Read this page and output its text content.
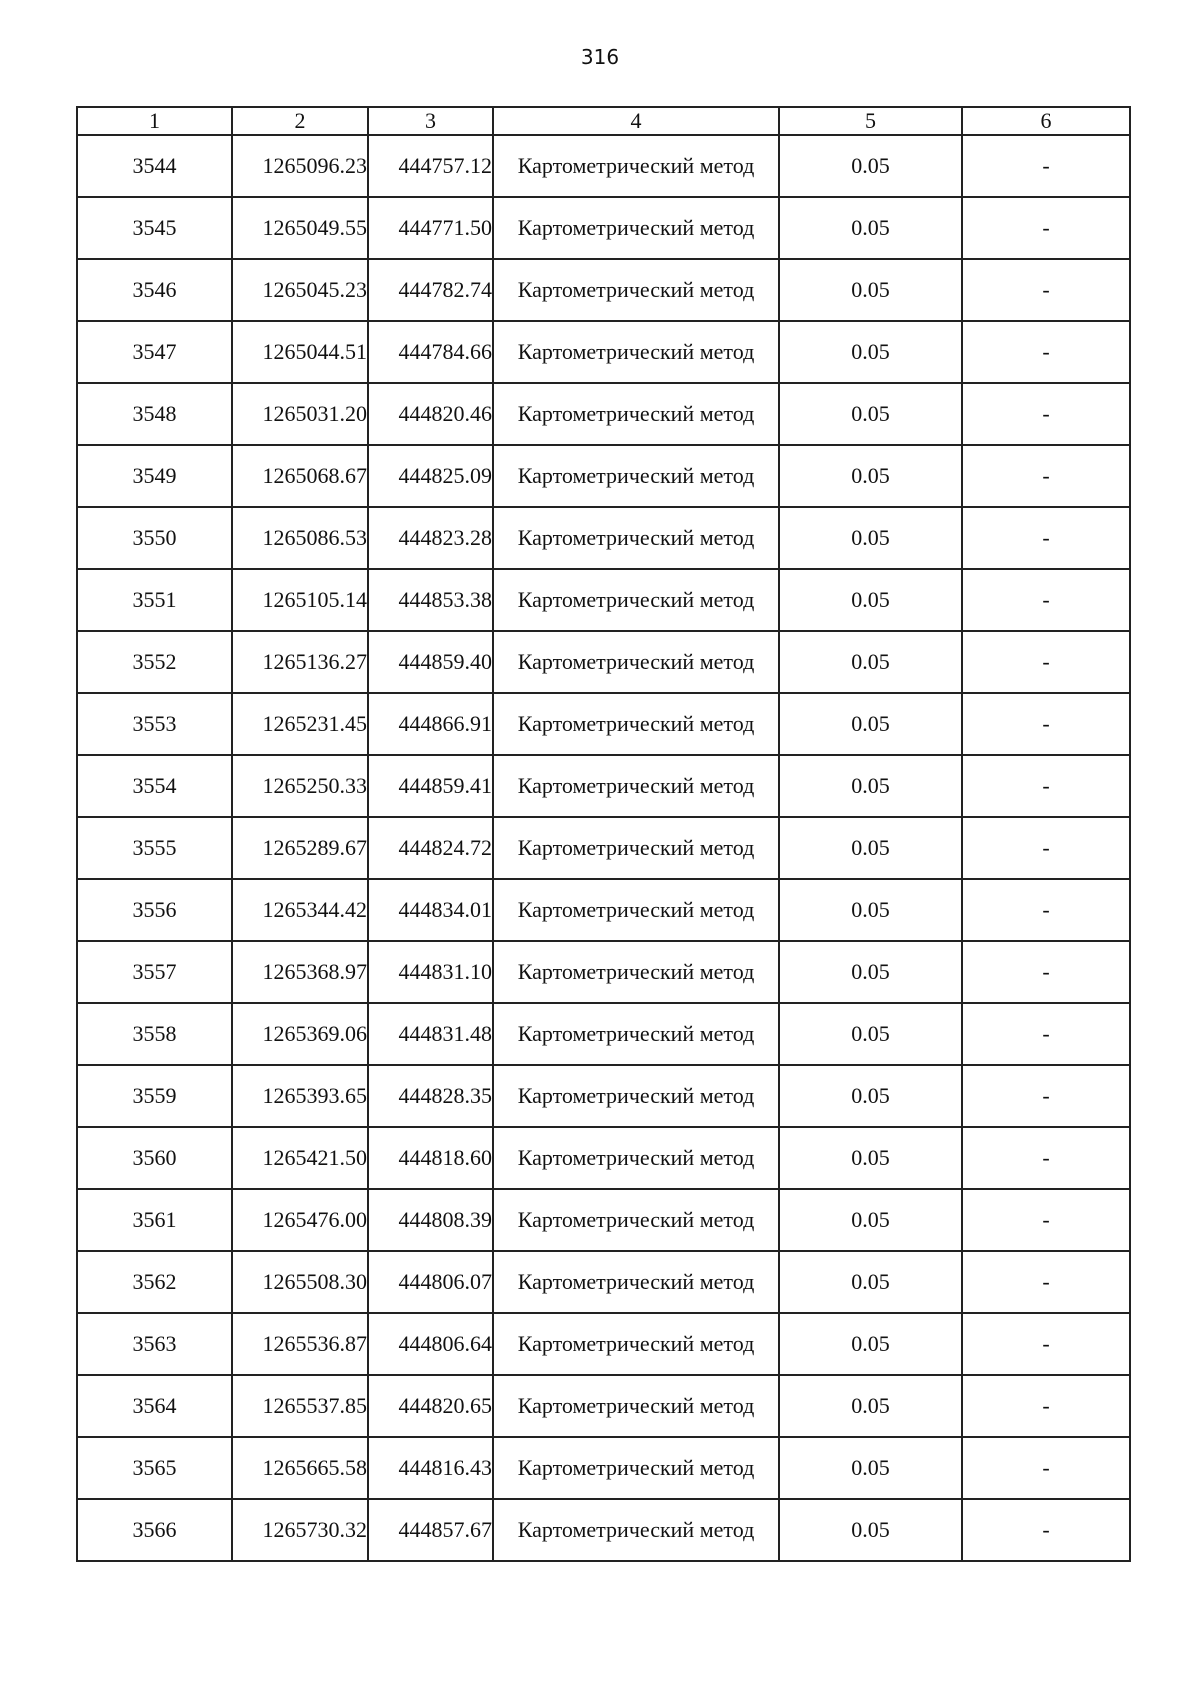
316
1	2	3	4	5	6
3544	1265096.23	444757.12	Картометрический метод	0.05	-
3545	1265049.55	444771.50	Картометрический метод	0.05	-
3546	1265045.23	444782.74	Картометрический метод	0.05	-
3547	1265044.51	444784.66	Картометрический метод	0.05	-
3548	1265031.20	444820.46	Картометрический метод	0.05	-
3549	1265068.67	444825.09	Картометрический метод	0.05	-
3550	1265086.53	444823.28	Картометрический метод	0.05	-
3551	1265105.14	444853.38	Картометрический метод	0.05	-
3552	1265136.27	444859.40	Картометрический метод	0.05	-
3553	1265231.45	444866.91	Картометрический метод	0.05	-
3554	1265250.33	444859.41	Картометрический метод	0.05	-
3555	1265289.67	444824.72	Картометрический метод	0.05	-
3556	1265344.42	444834.01	Картометрический метод	0.05	-
3557	1265368.97	444831.10	Картометрический метод	0.05	-
3558	1265369.06	444831.48	Картометрический метод	0.05	-
3559	1265393.65	444828.35	Картометрический метод	0.05	-
3560	1265421.50	444818.60	Картометрический метод	0.05	-
3561	1265476.00	444808.39	Картометрический метод	0.05	-
3562	1265508.30	444806.07	Картометрический метод	0.05	-
3563	1265536.87	444806.64	Картометрический метод	0.05	-
3564	1265537.85	444820.65	Картометрический метод	0.05	-
3565	1265665.58	444816.43	Картометрический метод	0.05	-
3566	1265730.32	444857.67	Картометрический метод	0.05	-
